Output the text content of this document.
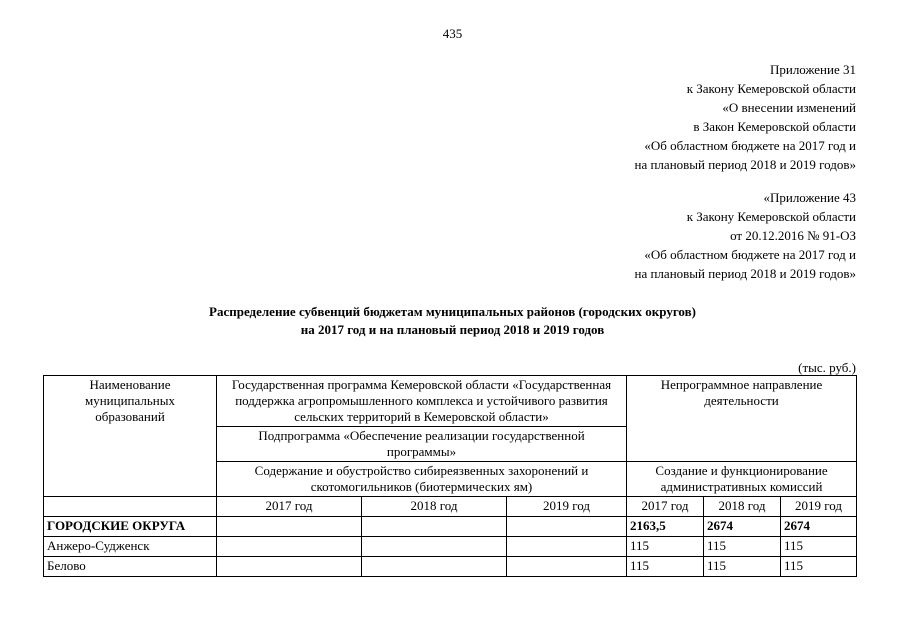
435
Приложение 31
к Закону Кемеровской области
«О внесении изменений
в Закон Кемеровской области
«Об областном бюджете на 2017 год и
на плановый период 2018 и 2019 годов»
«Приложение 43
к Закону Кемеровской области
от 20.12.2016 № 91-ОЗ
«Об областном бюджете на 2017 год и
на плановый период 2018 и 2019 годов»
Распределение субвенций бюджетам муниципальных районов (городских округов)
на 2017 год и на плановый период 2018 и 2019 годов
(тыс. руб.)
Наименование муниципальных образований	Государственная программа Кемеровской области «Государственная поддержка агропромышленного комплекса и устойчивого развития сельских территорий в Кемеровской области»			Непрограммное направление деятельности		
	Подпрограмма «Обеспечение реализации государственной программы»					
	Содержание и обустройство сибиреязвенных захоронений и скотомогильников (биотермических ям)			Создание и функционирование административных комиссий		
	2017 год	2018 год	2019 год	2017 год	2018 год	2019 год
ГОРОДСКИЕ ОКРУГА				2163,5	2674	2674
Анжеро-Судженск				115	115	115
Белово				115	115	115
